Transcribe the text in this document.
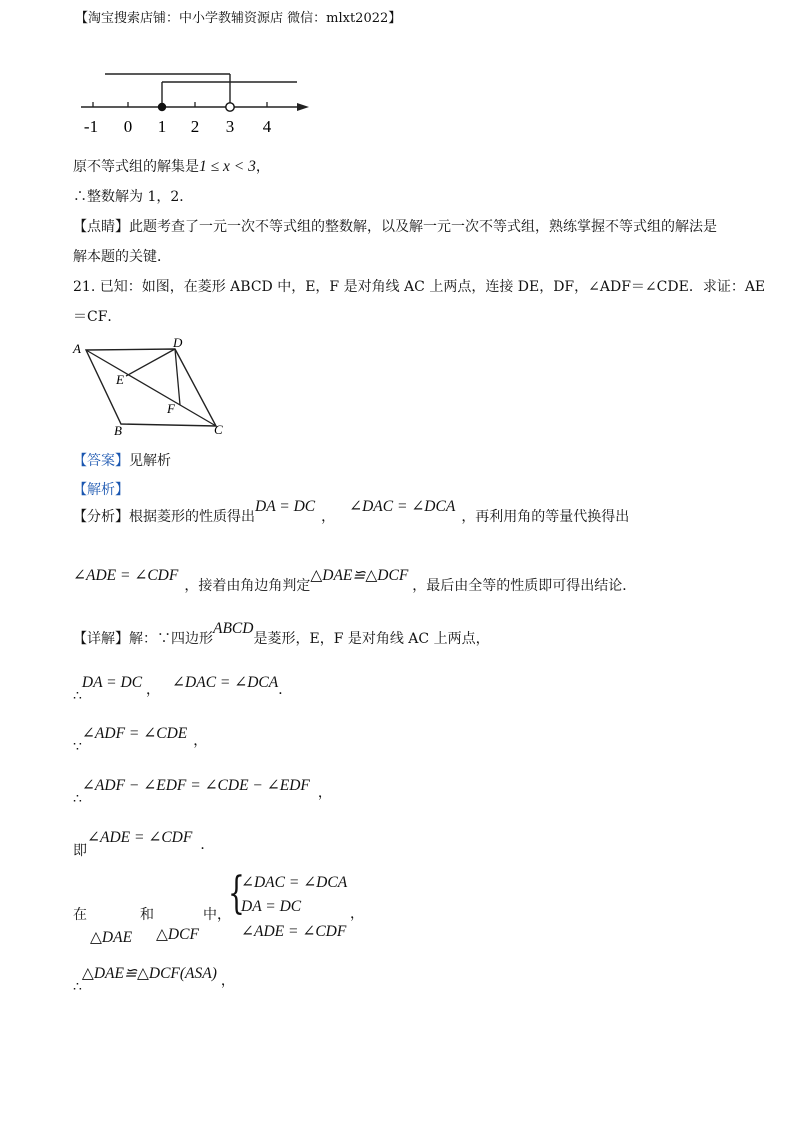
【淘宝搜索店铺：中小学教辅资源店 微信：mlxt2022】
-1 0 1 2 3 4
原不等式组的解集是1 ≤ x < 3，
∴整数解为 1，2．
【点睛】此题考查了一元一次不等式组的整数解，以及解一元一次不等式组，熟练掌握不等式组的解法是
解本题的关键．
21. 已知：如图，在菱形 ABCD 中，E，F 是对角线 AC 上两点，连接 DE，DF，∠ADF＝∠CDE．求证：AE
＝CF．
A	D
E
F
B	C
【答案】见解析
【解析】
【分析】根据菱形的性质得出DA = DC，∠DAC = ∠DCA，再利用角的等量代换得出
∠ADE = ∠CDF，接着由角边角判定△DAE≌△DCF，最后由全等的性质即可得出结论．
【详解】解：∵四边形ABCD是菱形，E，F 是对角线 AC 上两点，
∴DA = DC ， ∠DAC = ∠DCA．
∵∠ADF = ∠CDE ，
∴∠ADF − ∠EDF = ∠CDE − ∠EDF ，
即∠ADE = ∠CDF ．
在	和	中，
△DAE △DCF
{
∠DAC = ∠DCA
DA = DC
∠ADE = ∠CDF
，
∴△DAE≌△DCF(ASA) ，
